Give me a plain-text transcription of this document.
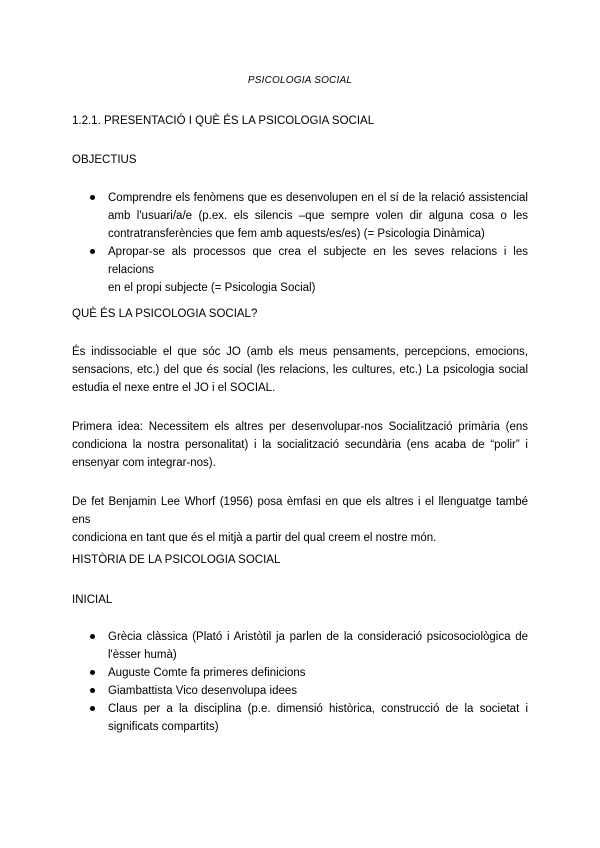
PSICOLOGIA SOCIAL
1.2.1. PRESENTACIÓ I QUÈ ÉS LA PSICOLOGIA SOCIAL
OBJECTIUS
Comprendre els fenòmens que es desenvolupen en el sí de la relació assistencial
amb l'usuari/a/e (p.ex. els silencis –que sempre volen dir alguna cosa o les
contratransferències que fem amb aquests/es/es) (= Psicologia Dinàmica)
Apropar-se als processos que crea el subjecte en les seves relacions i les relacions
en el propi subjecte (= Psicologia Social)
QUÈ ÉS LA PSICOLOGIA SOCIAL?
És indissociable el que sóc JO (amb els meus pensaments, percepcions, emocions,
sensacions, etc.) del que és social (les relacions, les cultures, etc.) La psicologia social
estudia el nexe entre el JO i el SOCIAL.
Primera idea: Necessitem els altres per desenvolupar-nos Socialització primària (ens
condiciona la nostra personalitat) i la socialització secundària (ens acaba de “polir” i
ensenyar com integrar-nos).
De fet Benjamin Lee Whorf (1956) posa èmfasi en que els altres i el llenguatge també ens
condiciona en tant que és el mitjà a partir del qual creem el nostre món.
HISTÒRIA DE LA PSICOLOGIA SOCIAL
INICIAL
Grècia clàssica (Plató i Aristòtil ja parlen de la consideració psicosociològica de
l'èsser humà)
Auguste Comte fa primeres definicions
Giambattista Vico desenvolupa idees
Claus per a la disciplina (p.e. dimensió històrica, construcció de la societat i
significats compartits)
